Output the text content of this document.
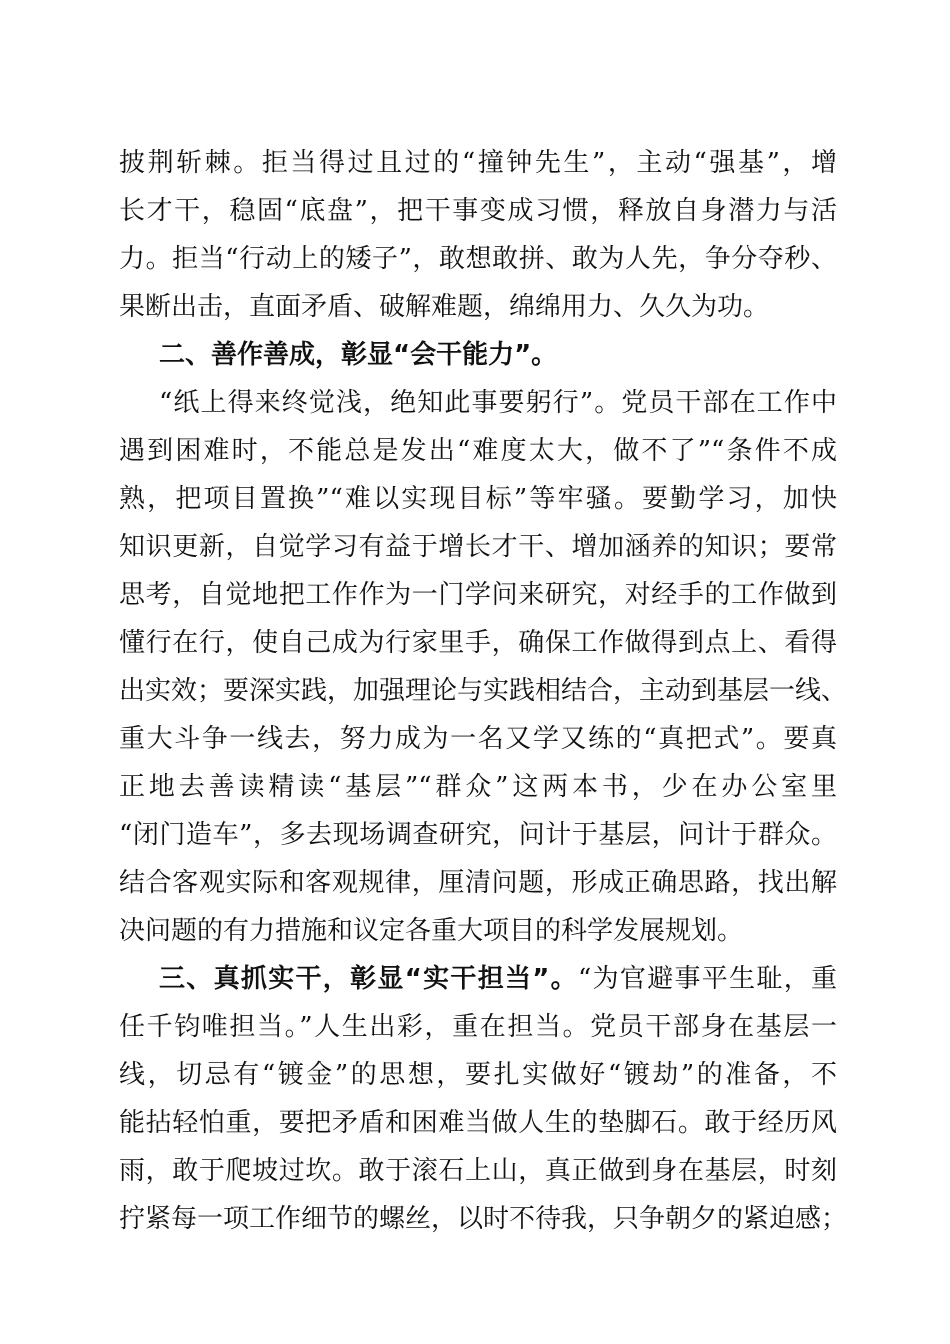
披荆斩棘。拒当得过且过的“撞钟先生”，主动“强基”，增
长才干，稳固“底盘”，把干事变成习惯，释放自身潜力与活
力。拒当“行动上的矮子”，敢想敢拼、敢为人先，争分夺秒、
果断出击，直面矛盾、破解难题，绵绵用力、久久为功。
二、善作善成，彰显“会干能力”。
“纸上得来终觉浅，绝知此事要躬行”。党员干部在工作中
遇到困难时，不能总是发出“难度太大，做不了”“条件不成
熟，把项目置换”“难以实现目标”等牢骚。要勤学习，加快
知识更新，自觉学习有益于增长才干、增加涵养的知识；要常
思考，自觉地把工作作为一门学问来研究，对经手的工作做到
懂行在行，使自己成为行家里手，确保工作做得到点上、看得
出实效；要深实践，加强理论与实践相结合，主动到基层一线、
重大斗争一线去，努力成为一名又学又练的“真把式”。要真
正地去善读精读“基层”“群众”这两本书，少在办公室里
“闭门造车”，多去现场调查研究，问计于基层，问计于群众。
结合客观实际和客观规律，厘清问题，形成正确思路，找出解
决问题的有力措施和议定各重大项目的科学发展规划。
三、真抓实干，彰显“实干担当”。“为官避事平生耻，重
任千钧唯担当。”人生出彩，重在担当。党员干部身在基层一
线，切忌有“镀金”的思想，要扎实做好“镀劫”的准备，不
能拈轻怕重，要把矛盾和困难当做人生的垫脚石。敢于经历风
雨，敢于爬坡过坎。敢于滚石上山，真正做到身在基层，时刻
拧紧每一项工作细节的螺丝，以时不待我，只争朝夕的紧迫感；
